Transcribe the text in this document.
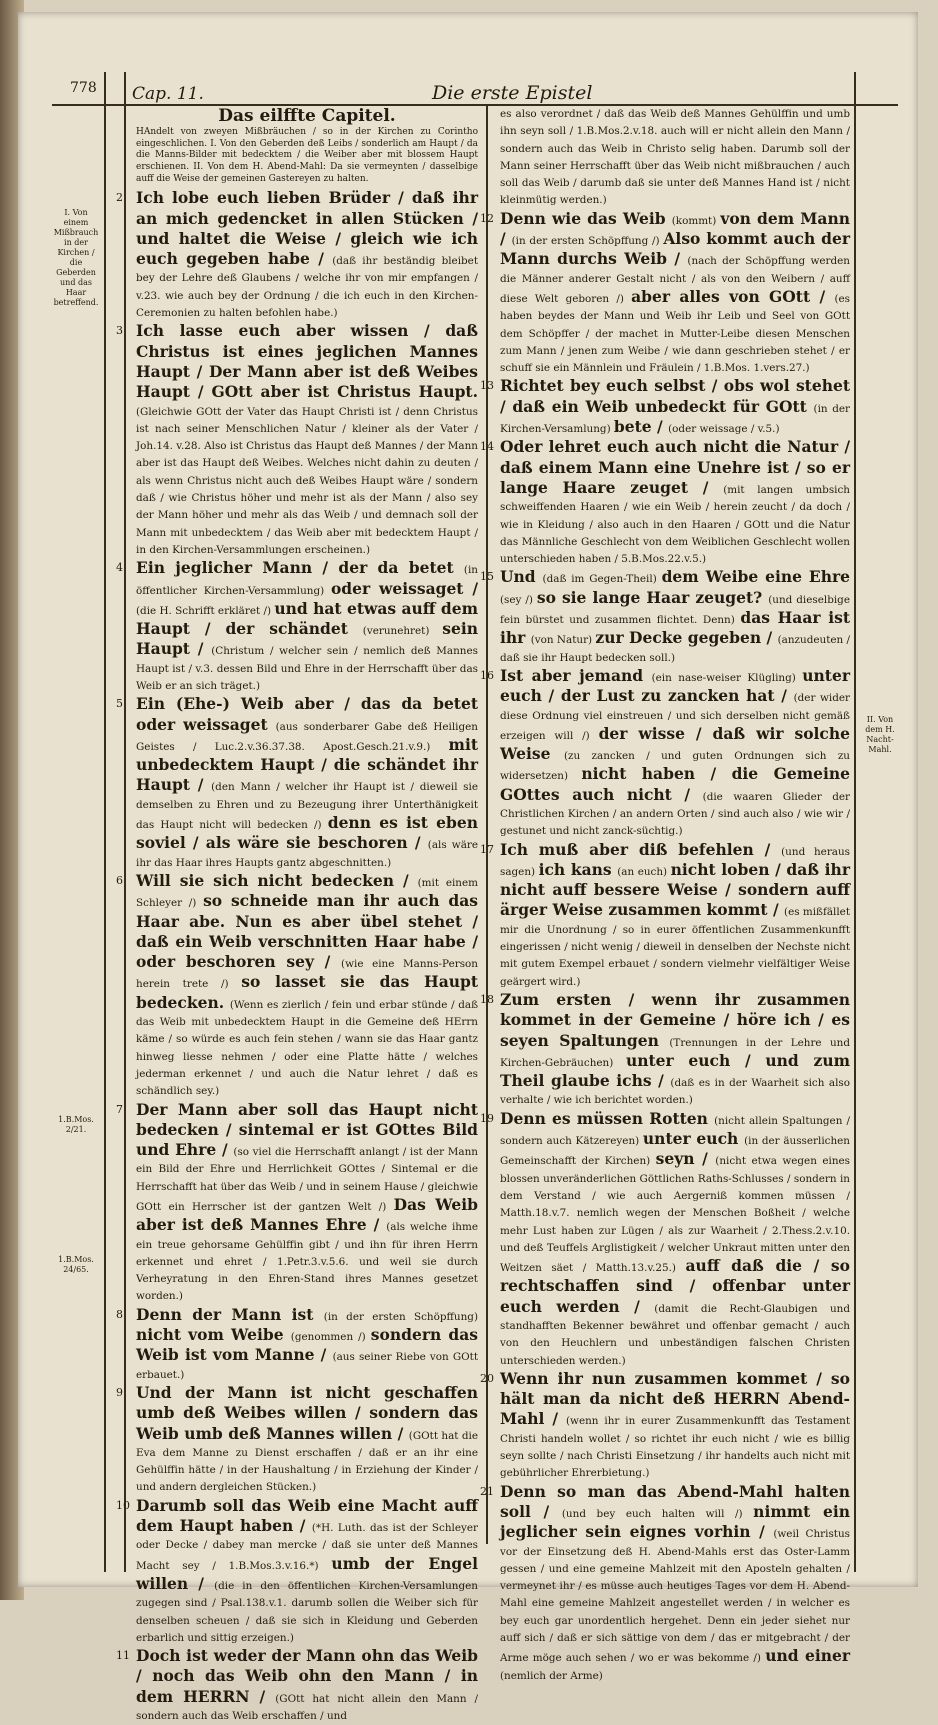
778 Cap. 11.	Die erste Epistel
I. Von einem Mißbrauch in der Kirchen / die Geberden und das Haar betreffend.
1.B.Mos. 2/21.
1.B.Mos. 24/65.
II. Von dem H. Nacht-Mahl.
Das eilffte Capitel.
HAndelt von zweyen Mißbräuchen / so in der Kirchen zu Corintho eingeschlichen. I. Von den Geberden deß Leibs / sonderlich am Haupt / da die Manns-Bilder mit bedecktem / die Weiber aber mit blossem Haupt erschienen. II. Von dem H. Abend-Mahl: Da sie vermeynten / dasselbige auff die Weise der gemeinen Gastereyen zu halten.

Ich lobe euch lieben Brüder / daß ihr an mich gedencket in allen Stücken / und haltet die Weise / gleich wie ich euch gegeben habe / (daß ihr beständig bleibet bey der Lehre deß Glaubens / welche ihr von mir empfangen / v.23. wie auch bey der Ordnung / die ich euch in den Kirchen-Ceremonien zu halten befohlen habe.)

Ich lasse euch aber wissen / daß Christus ist eines jeglichen Mannes Haupt / Der Mann aber ist deß Weibes Haupt / GOtt aber ist Christus Haupt. (Gleichwie GOtt der Vater das Haupt Christi ist / denn Christus ist nach seiner Menschlichen Natur / kleiner als der Vater / Joh.14. v.28. Also ist Christus das Haupt deß Mannes / der Mann aber ist das Haupt deß Weibes. Welches nicht dahin zu deuten / als wenn Christus nicht auch deß Weibes Haupt wäre / sondern daß / wie Christus höher und mehr ist als der Mann / also sey der Mann höher und mehr als das Weib / und demnach soll der Mann mit unbedecktem / das Weib aber mit bedecktem Haupt / in den Kirchen-Versammlungen erscheinen.)

Ein jeglicher Mann / der da betet (in öffentlicher Kirchen-Versammlung) oder weissaget / (die H. Schrifft erkläret /) und hat etwas auff dem Haupt / der schändet (verunehret) sein Haupt / (Christum / welcher sein / nemlich deß Mannes Haupt ist / v.3. dessen Bild und Ehre in der Herrschafft über das Weib er an sich träget.)

Ein (Ehe-) Weib aber / das da betet oder weissaget (aus sonderbarer Gabe deß Heiligen Geistes / Luc.2.v.36.37.38. Apost.Gesch.21.v.9.) mit unbedecktem Haupt / die schändet ihr Haupt / (den Mann / welcher ihr Haupt ist / dieweil sie demselben zu Ehren und zu Bezeugung ihrer Unterthänigkeit das Haupt nicht will bedecken /) denn es ist eben soviel / als wäre sie beschoren / (als wäre ihr das Haar ihres Haupts gantz abgeschnitten.)

Will sie sich nicht bedecken / (mit einem Schleyer /) so schneide man ihr auch das Haar abe. Nun es aber übel stehet / daß ein Weib verschnitten Haar habe / oder beschoren sey / (wie eine Manns-Person herein trete /) so lasset sie das Haupt bedecken. (Wenn es zierlich / fein und erbar stünde / daß das Weib mit unbedecktem Haupt in die Gemeine deß HErrn käme / so würde es auch fein stehen / wann sie das Haar gantz hinweg liesse nehmen / oder eine Platte hätte / welches jederman erkennet / und auch die Natur lehret / daß es schändlich sey.)

Der Mann aber soll das Haupt nicht bedecken / sintemal er ist GOttes Bild und Ehre / (so viel die Herrschafft anlangt / ist der Mann ein Bild der Ehre und Herrlichkeit GOttes / Sintemal er die Herrschafft hat über das Weib / und in seinem Hause / gleichwie GOtt ein Herrscher ist der gantzen Welt /) Das Weib aber ist deß Mannes Ehre / (als welche ihme ein treue gehorsame Gehülffin gibt / und ihn für ihren Herrn erkennet und ehret / 1.Petr.3.v.5.6. und weil sie durch Verheyratung in den Ehren-Stand ihres Mannes gesetzet worden.)

Denn der Mann ist (in der ersten Schöpffung) nicht vom Weibe (genommen /) sondern das Weib ist vom Manne / (aus seiner Riebe von GOtt erbauet.)

Und der Mann ist nicht geschaffen umb deß Weibes willen / sondern das Weib umb deß Mannes willen / (GOtt hat die Eva dem Manne zu Dienst erschaffen / daß er an ihr eine Gehülffin hätte / in der Haushaltung / in Erziehung der Kinder / und andern dergleichen Stücken.)

Darumb soll das Weib eine Macht auff dem Haupt haben / (*H. Luth. das ist der Schleyer oder Decke / dabey man mercke / daß sie unter deß Mannes Macht sey / 1.B.Mos.3.v.16.*) umb der Engel willen / (die in den öffentlichen Kirchen-Versamlungen zugegen sind / Psal.138.v.1. darumb sollen die Weiber sich für denselben scheuen / daß sie sich in Kleidung und Geberden erbarlich und sittig erzeigen.)

11 Doch ist weder der Mann ohn das Weib / noch das Weib ohn den Mann / in dem HERRN / (GOtt hat nicht allein den Mann / sondern auch das Weib erschaffen / und

es also verordnet / daß das Weib deß Mannes Gehülffin und umb ihn seyn soll / 1.B.Mos.2.v.18. auch will er nicht allein den Mann / sondern auch das Weib in Christo selig haben. Darumb soll der Mann seiner Herrschafft über das Weib nicht mißbrauchen / auch soll das Weib / darumb daß sie unter deß Mannes Hand ist / nicht kleinmütig werden.)

Denn wie das Weib (kommt) von dem Mann / (in der ersten Schöpffung /) Also kommt auch der Mann durchs Weib / (nach der Schöpffung werden die Männer anderer Gestalt nicht / als von den Weibern / auff diese Welt geboren /) aber alles von GOtt / (es haben beydes der Mann und Weib ihr Leib und Seel von GOtt dem Schöpffer / der machet in Mutter-Leibe diesen Menschen zum Mann / jenen zum Weibe / wie dann geschrieben stehet / er schuff sie ein Männlein und Fräulein / 1.B.Mos. 1.vers.27.)

Richtet bey euch selbst / obs wol stehet / daß ein Weib unbedeckt für GOtt (in der Kirchen-Versamlung) bete / (oder weissage / v.5.)

Oder lehret euch auch nicht die Natur / daß einem Mann eine Unehre ist / so er lange Haare zeuget / (mit langen umbsich schweiffenden Haaren / wie ein Weib / herein zeucht / da doch / wie in Kleidung / also auch in den Haaren / GOtt und die Natur das Männliche Geschlecht von dem Weiblichen Geschlecht wollen unterschieden haben / 5.B.Mos.22.v.5.)

Und (daß im Gegen-Theil) dem Weibe eine Ehre (sey /) so sie lange Haar zeuget? (und dieselbige fein bürstet und zusammen flichtet. Denn) das Haar ist ihr (von Natur) zur Decke gegeben / (anzudeuten / daß sie ihr Haupt bedecken soll.)

Ist aber jemand (ein nase-weiser Klügling) unter euch / der Lust zu zancken hat / (der wider diese Ordnung viel einstreuen / und sich derselben nicht gemäß erzeigen will /) der wisse / daß wir solche Weise (zu zancken / und guten Ordnungen sich zu widersetzen) nicht haben / die Gemeine GOttes auch nicht / (die waaren Glieder der Christlichen Kirchen / an andern Orten / sind auch also / wie wir / gestunet und nicht zanck-süchtig.)

Ich muß aber diß befehlen / (und heraus sagen) ich kans (an euch) nicht loben / daß ihr nicht auff bessere Weise / sondern auff ärger Weise zusammen kommt / (es mißfället mir die Unordnung / so in eurer öffentlichen Zusammenkunfft eingerissen / nicht wenig / dieweil in denselben der Nechste nicht mit gutem Exempel erbauet / sondern vielmehr vielfältiger Weise geärgert wird.)

Zum ersten / wenn ihr zusammen kommet in der Gemeine / höre ich / es seyen Spaltungen (Trennungen in der Lehre und Kirchen-Gebräuchen) unter euch / und zum Theil glaube ichs / (daß es in der Waarheit sich also verhalte / wie ich berichtet worden.)

Denn es müssen Rotten (nicht allein Spaltungen / sondern auch Kätzereyen) unter euch (in der äusserlichen Gemeinschafft der Kirchen) seyn / (nicht etwa wegen eines blossen unveränderlichen Göttlichen Raths-Schlusses / sondern in dem Verstand / wie auch Aergerniß kommen müssen / Matth.18.v.7. nemlich wegen der Menschen Boßheit / welche mehr Lust haben zur Lügen / als zur Waarheit / 2.Thess.2.v.10. und deß Teuffels Arglistigkeit / welcher Unkraut mitten unter den Weitzen säet / Matth.13.v.25.) auff daß die / so rechtschaffen sind / offenbar unter euch werden / (damit die Recht-Glaubigen und standhafften Bekenner bewähret und offenbar gemacht / auch von den Heuchlern und unbeständigen falschen Christen unterschieden werden.)

Wenn ihr nun zusammen kommet / so hält man da nicht deß HERRN Abend-Mahl / (wenn ihr in eurer Zusammenkunfft das Testament Christi handeln wollet / so richtet ihr euch nicht / wie es billig seyn sollte / nach Christi Einsetzung / ihr handelts auch nicht mit gebührlicher Ehrerbietung.)

Denn so man das Abend-Mahl halten soll / (und bey euch halten will /) nimmt ein jeglicher sein eignes vorhin / (weil Christus vor der Einsetzung deß H. Abend-Mahls erst das Oster-Lamm gessen / und eine gemeine Mahlzeit mit den Aposteln gehalten / vermeynet ihr / es müsse auch heutiges Tages vor dem H. Abend-Mahl eine gemeine Mahlzeit angestellet werden / in welcher es bey euch gar unordentlich hergehet. Denn ein jeder siehet nur auff sich / daß er sich sättige von dem / das er mitgebracht / der Arme möge auch sehen / wo er was bekomme /) und einer (nemlich der Arme)
